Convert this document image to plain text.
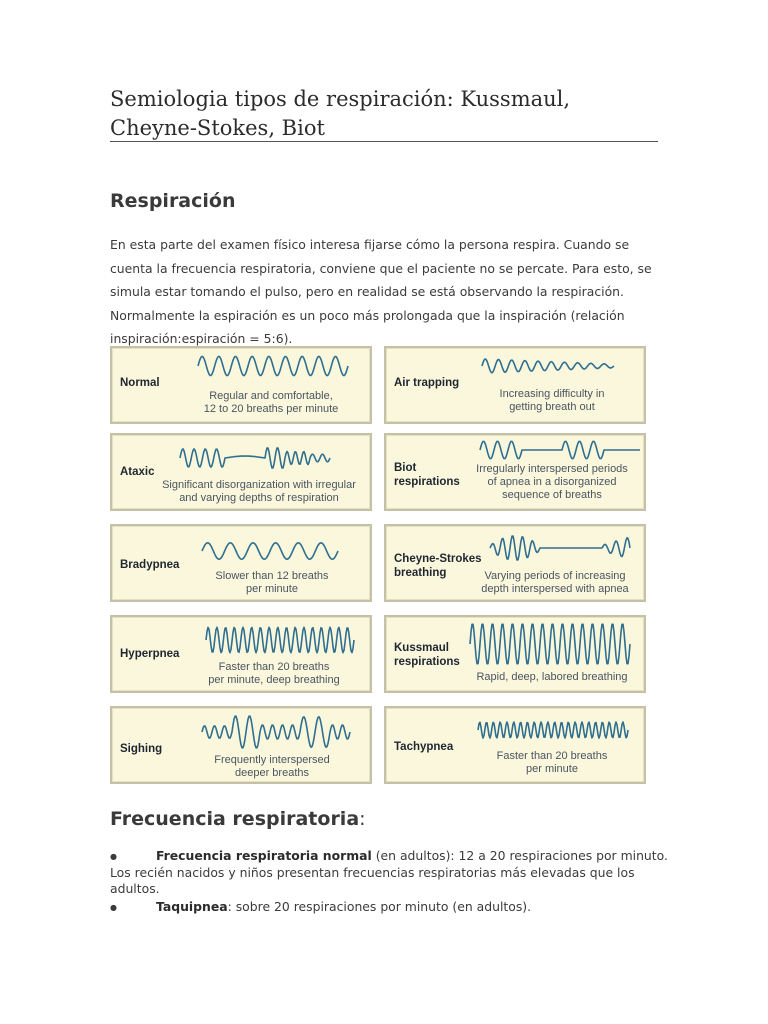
Semiologia tipos de respiración: Kussmaul, Cheyne-Stokes, Biot
Respiración

En esta parte del examen físico interesa fijarse cómo la persona respira. Cuando se cuenta la frecuencia respiratoria, conviene que el paciente no se percate. Para esto, se simula estar tomando el pulso, pero en realidad se está observando la respiración. Normalmente la espiración es un poco más prolongada que la inspiración (relación inspiración:espiración = 5:6).

Normal
Regular and comfortable,
12 to 20 breaths per minute
Air trapping
Increasing difficulty in
getting breath out
Ataxic
Significant disorganization with irregular
and varying depths of respiration
Biot
respirations
Irregularly interspersed periods
of apnea in a disorganized
sequence of breaths
Bradypnea
Slower than 12 breaths
per minute
Cheyne-Strokes
breathing	Varying periods of increasing
depth interspersed with apnea
Hyperpnea
Faster than 20 breaths
per minute, deep breathing
Kussmaul
respirations
Rapid, deep, labored breathing
Sighing
Frequently interspersed
deeper breaths
Tachypnea
Faster than 20 breaths
per minute
Frecuencia respiratoria:
●	Frecuencia respiratoria normal (en adultos): 12 a 20 respiraciones por minuto. Los recién nacidos y niños presentan frecuencias respiratorias más elevadas que los adultos.
●	Taquipnea: sobre 20 respiraciones por minuto (en adultos).
